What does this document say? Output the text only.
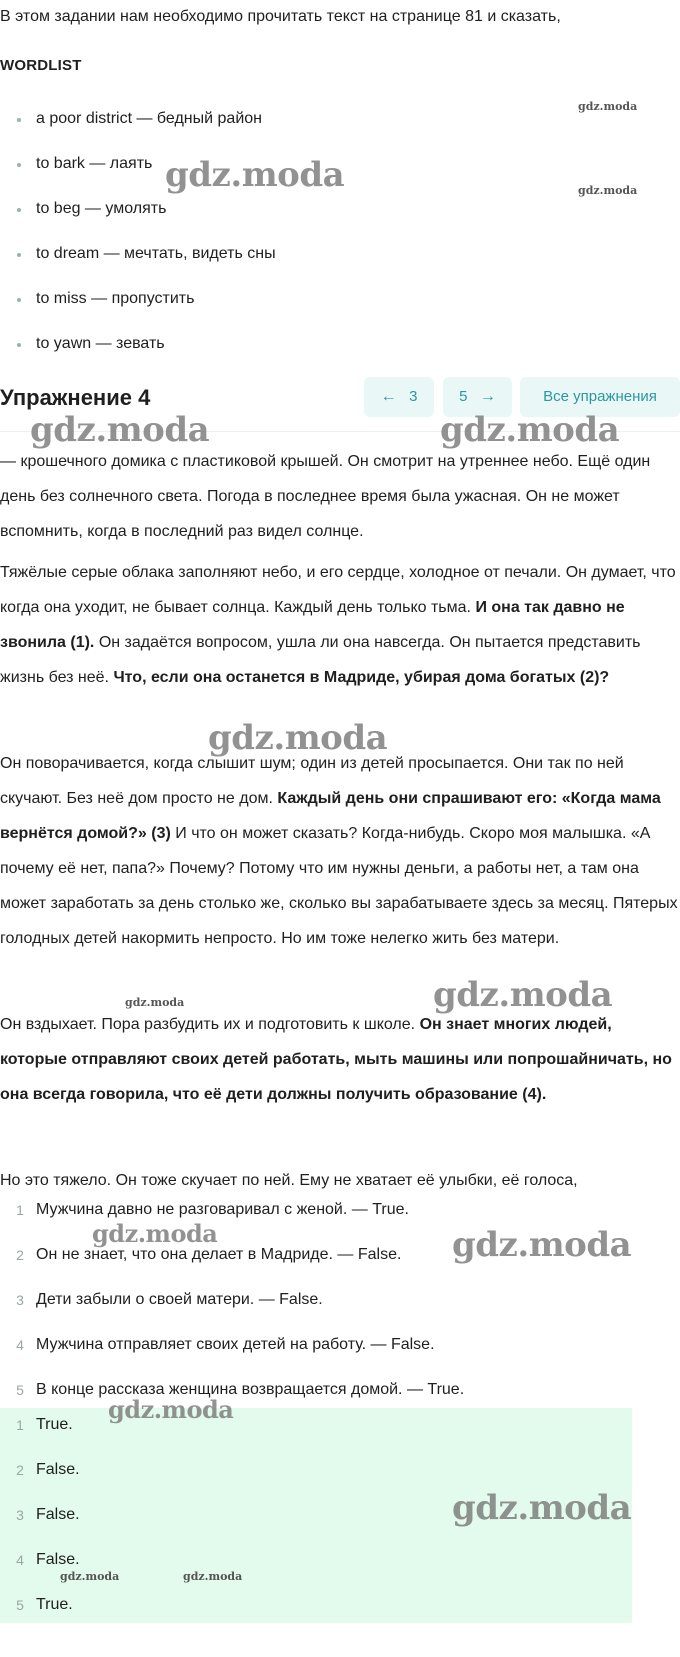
В этом задании нам необходимо прочитать текст на странице 81 и сказать,

WORDLIST

a poor district — бедный район
to bark — лаять
to beg — умолять
to dream — мечтать, видеть сны
to miss — пропустить
to yawn — зевать
Упражнение 4	← 3	5 →	Все упражнения

— крошечного домика с пластиковой крышей. Он смотрит на утреннее небо. Ещё один день без солнечного света. Погода в последнее время была ужасная. Он не может вспомнить, когда в последний раз видел солнце.

Тяжёлые серые облака заполняют небо, и его сердце, холодное от печали. Он думает, что когда она уходит, не бывает солнца. Каждый день только тьма. И она так давно не звонила (1). Он задаётся вопросом, ушла ли она навсегда. Он пытается представить жизнь без неё. Что, если она останется в Мадриде, убирая дома богатых (2)?

Он поворачивается, когда слышит шум; один из детей просыпается. Они так по ней скучают. Без неё дом просто не дом. Каждый день они спрашивают его: «Когда мама вернётся домой?» (3) И что он может сказать? Когда-нибудь. Скоро моя малышка. «А почему её нет, папа?» Почему? Потому что им нужны деньги, а работы нет, а там она может заработать за день столько же, сколько вы зарабатываете здесь за месяц. Пятерых голодных детей накормить непросто. Но им тоже нелегко жить без матери.

Он вздыхает. Пора разбудить их и подготовить к школе. Он знает многих людей, которые отправляют своих детей работать, мыть машины или попрошайничать, но она всегда говорила, что её дети должны получить образование (4).

Но это тяжело. Он тоже скучает по ней. Ему не хватает её улыбки, её голоса,

1 Мужчина давно не разговаривал с женой. — True.
2 Он не знает, что она делает в Мадриде. — False.
3 Дети забыли о своей матери. — False.
4 Мужчина отправляет своих детей на работу. — False.
5 В конце рассказа женщина возвращается домой. — True.
1 True.
2 False.
3 False.
4 False.
5 True.
gdz.moda
gdz.moda	gdz.moda
gdz.moda	gdz.moda
gdz.moda
gdz.moda	gdz.moda
gdz.moda	gdz.moda
gdz.moda
gdz.moda
gdz.moda	gdz.moda
